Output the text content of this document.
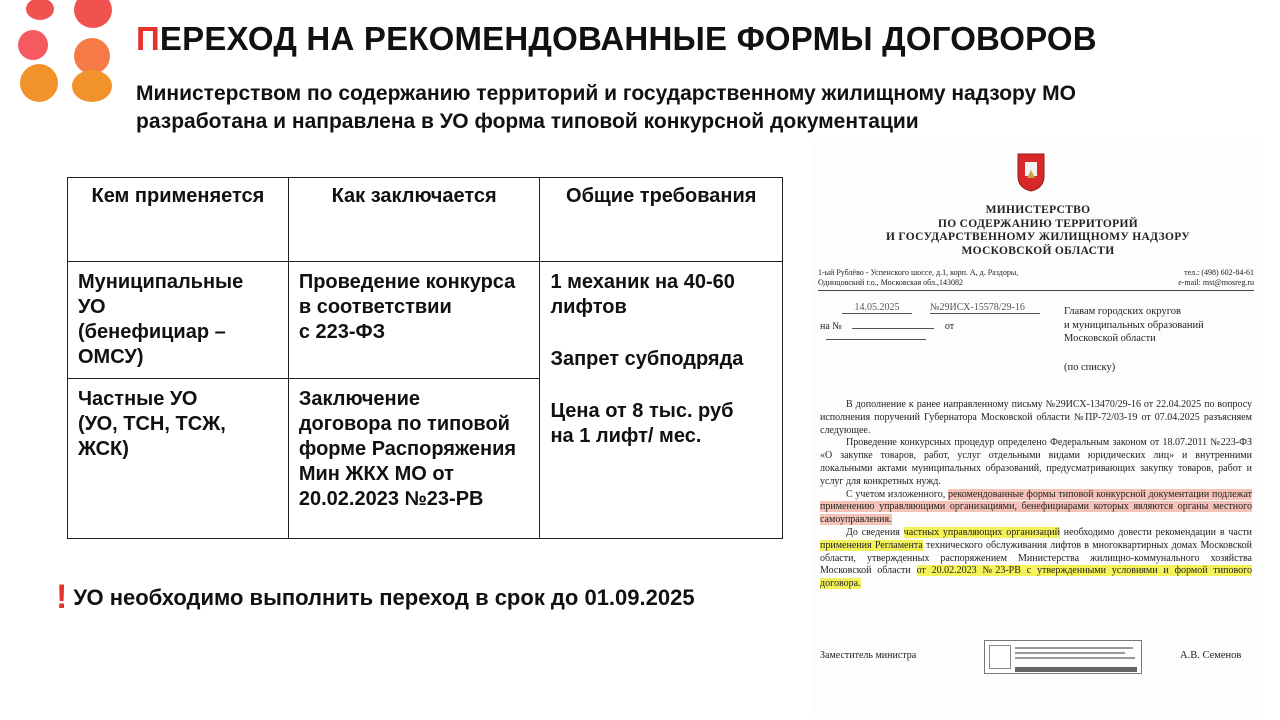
ПЕРЕХОД НА РЕКОМЕНДОВАННЫЕ ФОРМЫ ДОГОВОРОВ
Министерством по содержанию территорий и государственному жилищному надзору МО
разработана и направлена в УО форма типовой конкурсной документации
Кем применяется	Как заключается	Общие требования

Муниципальные
УО
(бенефициар –
ОМСУ)	Проведение конкурса
в соответствии
с 223-ФЗ	1 механик на 40-60
лифтов
Запрет субподряда
Цена от 8 тыс. руб
на 1 лифт/ мес.

Частные УО
(УО, ТСН, ТСЖ,
ЖСК)	Заключение
договора по типовой
форме Распоряжения
Мин ЖКХ МО от
20.02.2023 №23-РВ	
! УО необходимо выполнить переход в срок до 01.09.2025
МИНИСТЕРСТВО
ПО СОДЕРЖАНИЮ ТЕРРИТОРИЙ
И ГОСУДАРСТВЕННОМУ ЖИЛИЩНОМУ НАДЗОРУ
МОСКОВСКОЙ ОБЛАСТИ
1-ый Рублёво - Успенского шоссе, д.1, корп. А, д. Раздоры,
Одинцовский г.о., Московская обл.,143082
тел.: (498) 602-84-61
e-mail: mst@mosreg.ru
14.05.2025	№29ИСХ-15578/29-16
на №	от
Главам городских округов
и муниципальных образований
Московской области
(по списку)

В дополнение к ранее направленному письму №29ИСХ-13470/29-16 от 22.04.2025 по вопросу исполнения поручений Губернатора Московской области №ПР-72/03-19 от 07.04.2025 разъясняем следующее.

Проведение конкурсных процедур определено Федеральным законом от 18.07.2011 №223-ФЗ «О закупке товаров, работ, услуг отдельными видами юридических лиц» и внутренними локальными актами муниципальных образований, предусматривающих закупку товаров, работ и услуг для конкретных нужд.

С учетом изложенного, рекомендованные формы типовой конкурсной документации подлежат применению управляющими организациями, бенефициарами которых являются органы местного самоуправления.

До сведения частных управляющих организаций необходимо довести рекомендации в части применения Регламента технического обслуживания лифтов в многоквартирных домах Московской области, утвержденных распоряжением Министерства жилищно-коммунального хозяйства Московской области от 20.02.2023 №23-РВ с утвержденными условиями и формой типового договора.

Заместитель министра	А.В. Семенов
